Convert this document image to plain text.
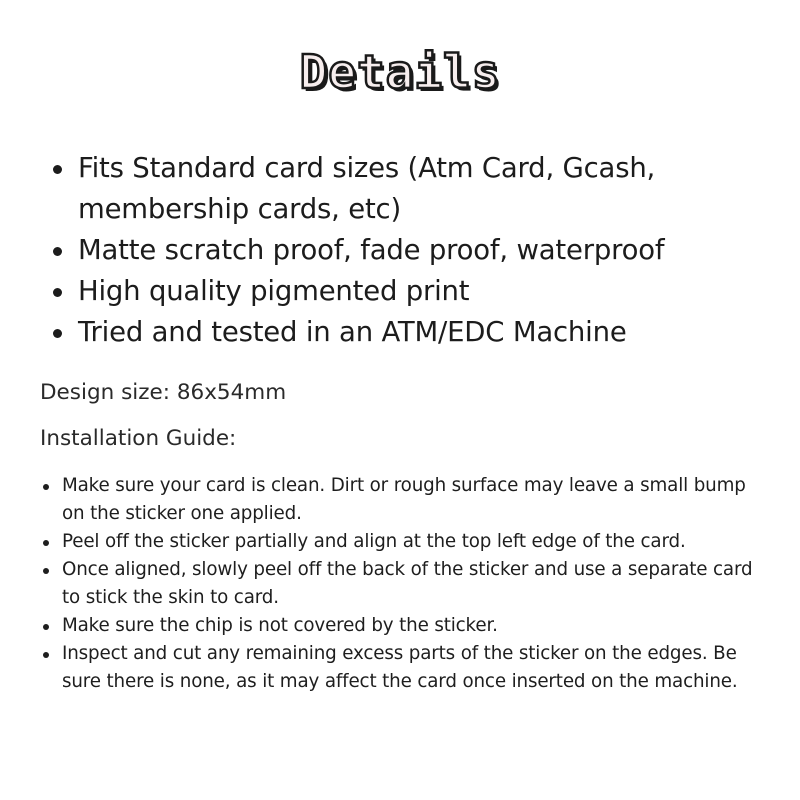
Details
Fits Standard card sizes (Atm Card, Gcash, membership cards, etc)
Matte scratch proof, fade proof, waterproof
High quality pigmented print
Tried and tested in an ATM/EDC Machine
Design size: 86x54mm
Installation Guide:
Make sure your card is clean. Dirt or rough surface may leave a small bump on the sticker one applied.
Peel off the sticker partially and align at the top left edge of the card.
Once aligned, slowly peel off the back of the sticker and use a separate card to stick the skin to card.
Make sure the chip is not covered by the sticker.
Inspect and cut any remaining excess parts of the sticker on the edges. Be sure there is none, as it may affect the card once inserted on the machine.
